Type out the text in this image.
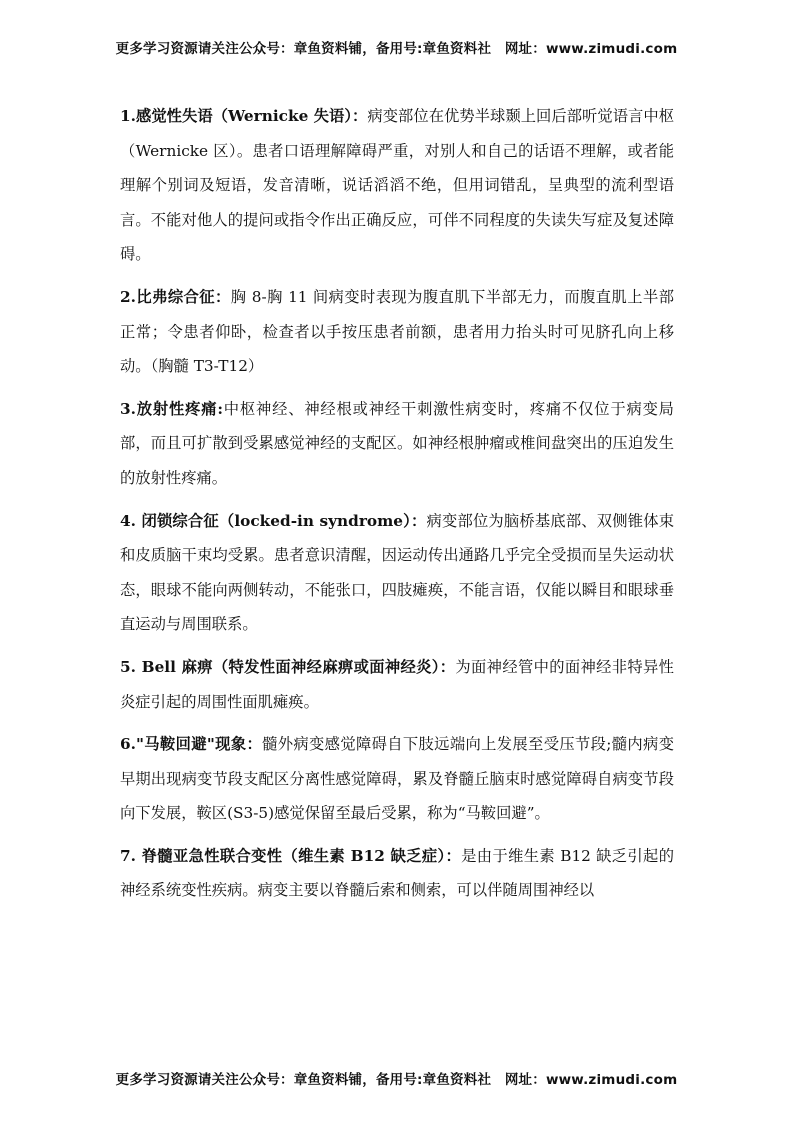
更多学习资源请关注公众号：章鱼资料铺，备用号:章鱼资料社　网址：www.zimudi.com

1.感觉性失语（Wernicke 失语）：病变部位在优势半球颞上回后部听觉语言中枢（Wernicke 区）。患者口语理解障碍严重，对别人和自己的话语不理解，或者能理解个别词及短语，发音清晰，说话滔滔不绝，但用词错乱，呈典型的流利型语言。不能对他人的提问或指令作出正确反应，可伴不同程度的失读失写症及复述障碍。

2.比弗综合征：胸 8-胸 11 间病变时表现为腹直肌下半部无力，而腹直肌上半部正常；令患者仰卧，检查者以手按压患者前额，患者用力抬头时可见脐孔向上移动。（胸髓 T3-T12）

3.放射性疼痛:中枢神经、神经根或神经干刺激性病变时，疼痛不仅位于病变局部，而且可扩散到受累感觉神经的支配区。如神经根肿瘤或椎间盘突出的压迫发生的放射性疼痛。

4. 闭锁综合征（locked-in syndrome）：病变部位为脑桥基底部、双侧锥体束和皮质脑干束均受累。患者意识清醒，因运动传出通路几乎完全受损而呈失运动状态，眼球不能向两侧转动，不能张口，四肢瘫痪，不能言语，仅能以瞬目和眼球垂直运动与周围联系。

5. Bell 麻痹（特发性面神经麻痹或面神经炎）：为面神经管中的面神经非特异性炎症引起的周围性面肌瘫痪。

6."马鞍回避"现象：髓外病变感觉障碍自下肢远端向上发展至受压节段;髓内病变早期出现病变节段支配区分离性感觉障碍，累及脊髓丘脑束时感觉障碍自病变节段向下发展，鞍区(S3-5)感觉保留至最后受累，称为“马鞍回避”。

7. 脊髓亚急性联合变性（维生素 B12 缺乏症）：是由于维生素 B12 缺乏引起的神经系统变性疾病。病变主要以脊髓后索和侧索，可以伴随周围神经以

更多学习资源请关注公众号：章鱼资料铺，备用号:章鱼资料社　网址：www.zimudi.com
